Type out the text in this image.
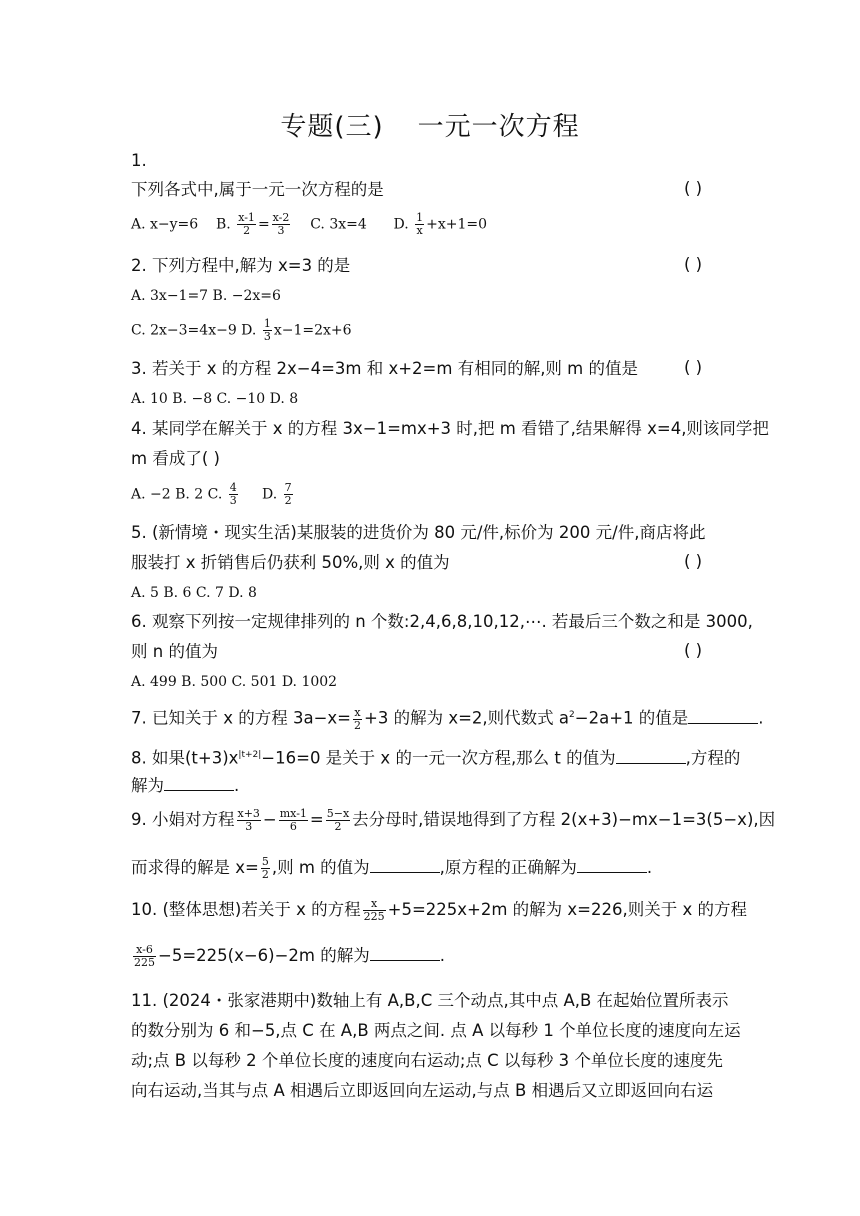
专题(三) 一元一次方程
1.
下列各式中,属于一元一次方程的是	( )
A. x−y=6 B. $\frac{x-1}{2} = \frac{x-2}{3} C$. 3x=4 D. $\frac{1}{x} +x+1=0$
2. 下列方程中,解为 x=3 的是	( )
A. 3x−1=7 B. −2x=6
C. 2x−3=4x−9 D. $\frac{1}{3} x-1=2x+6$
3. 若关于 x 的方程 2x−4=3m 和 x+2=m 有相同的解,则 m 的值是	( )
A. 10 B. −8 C. −10 D. 8
4. 某同学在解关于 x 的方程 3x−1=mx+3 时,把 m 看错了,结果解得 x=4,则该同学把
m 看成了( )
A. −2 B. 2 C. $\frac{4}{3} D$. $\frac{7}{2}$
5. (新情境・现实生活)某服装的进货价为 80 元/件,标价为 200 元/件,商店将此
服装打 x 折销售后仍获利 50%,则 x 的值为	( )
A. 5 B. 6 C. 7 D. 8
6. 观察下列按一定规律排列的 n 个数:2,4,6,8,10,12,⋯. 若最后三个数之和是 3000,
则 n 的值为	( )
A. 499 B. 500 C. 501 D. 1002
7. 已知关于 x 的方程 $3a-x= \frac{x}{2} +3$ 的解为 x=2,则代数式 $a^2-2a+1$ 的值是	.
8. 如果$(t+3)x^{|t+2|}-16=0$ 是关于 x 的一元一次方程,那么 t 的值为	,方程的
解为	.
9. 小娟对方程 $\frac{x+3}{3} - \frac{mx-1}{6} = \frac{5-x}{2}$ 去分母时,错误地得到了方程 2(x+3)−mx−1=3(5−x),因
而求得的解是 $x= \frac{5}{2}$ ,则 m 的值为	,原方程的正确解为	.
10. (整体思想)若关于 x 的方程 $\frac{x}{225} +5=225x+2m$ 的解为 x=226,则关于 x 的方程
$\frac{x-6}{225} -5=225(x-6)-2m$ 的解为	.
11. (2024・张家港期中)数轴上有 A,B,C 三个动点,其中点 A,B 在起始位置所表示
的数分别为 6 和−5,点 C 在 A,B 两点之间. 点 A 以每秒 1 个单位长度的速度向左运
动;点 B 以每秒 2 个单位长度的速度向右运动;点 C 以每秒 3 个单位长度的速度先
向右运动,当其与点 A 相遇后立即返回向左运动,与点 B 相遇后又立即返回向右运
